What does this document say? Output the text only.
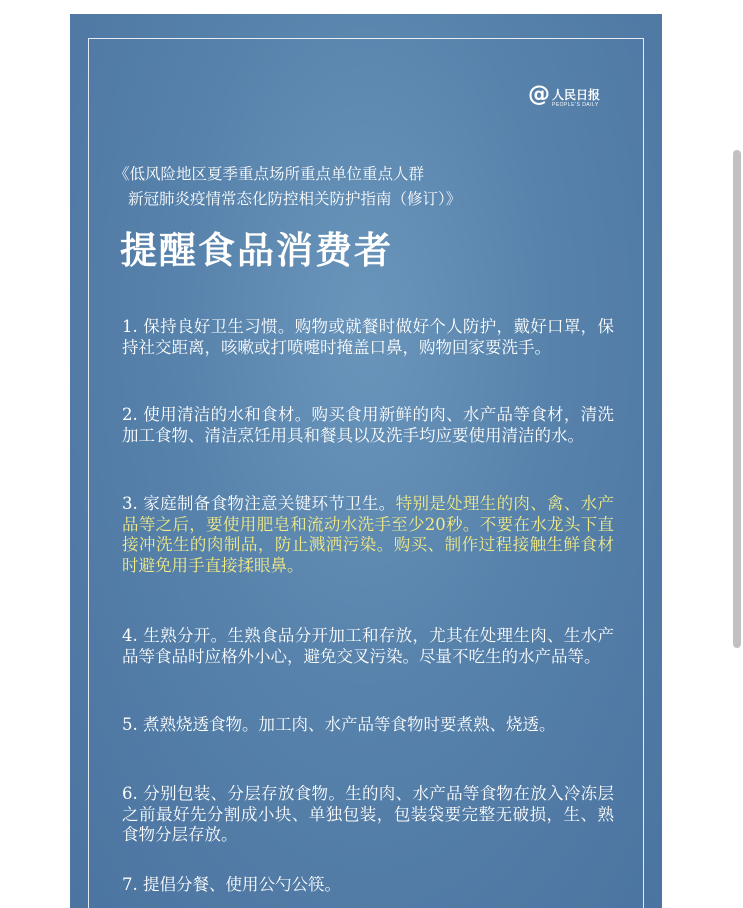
@ 人民日报
PEOPLE'S DAILY
《低风险地区夏季重点场所重点单位重点人群
新冠肺炎疫情常态化防控相关防护指南（修订）》
提醒食品消费者
1. 保持良好卫生习惯。购物或就餐时做好个人防护，戴好口罩，保持社交距离，咳嗽或打喷嚏时掩盖口鼻，购物回家要洗手。
2. 使用清洁的水和食材。购买食用新鲜的肉、水产品等食材，清洗加工食物、清洁烹饪用具和餐具以及洗手均应要使用清洁的水。
3. 家庭制备食物注意关键环节卫生。特别是处理生的肉、禽、水产品等之后，要使用肥皂和流动水洗手至少20秒。不要在水龙头下直接冲洗生的肉制品，防止溅洒污染。购买、制作过程接触生鲜食材时避免用手直接揉眼鼻。
4. 生熟分开。生熟食品分开加工和存放，尤其在处理生肉、生水产品等食品时应格外小心，避免交叉污染。尽量不吃生的水产品等。
5. 煮熟烧透食物。加工肉、水产品等食物时要煮熟、烧透。
6. 分别包装、分层存放食物。生的肉、水产品等食物在放入冷冻层之前最好先分割成小块、单独包装，包装袋要完整无破损，生、熟食物分层存放。
7. 提倡分餐、使用公勺公筷。
